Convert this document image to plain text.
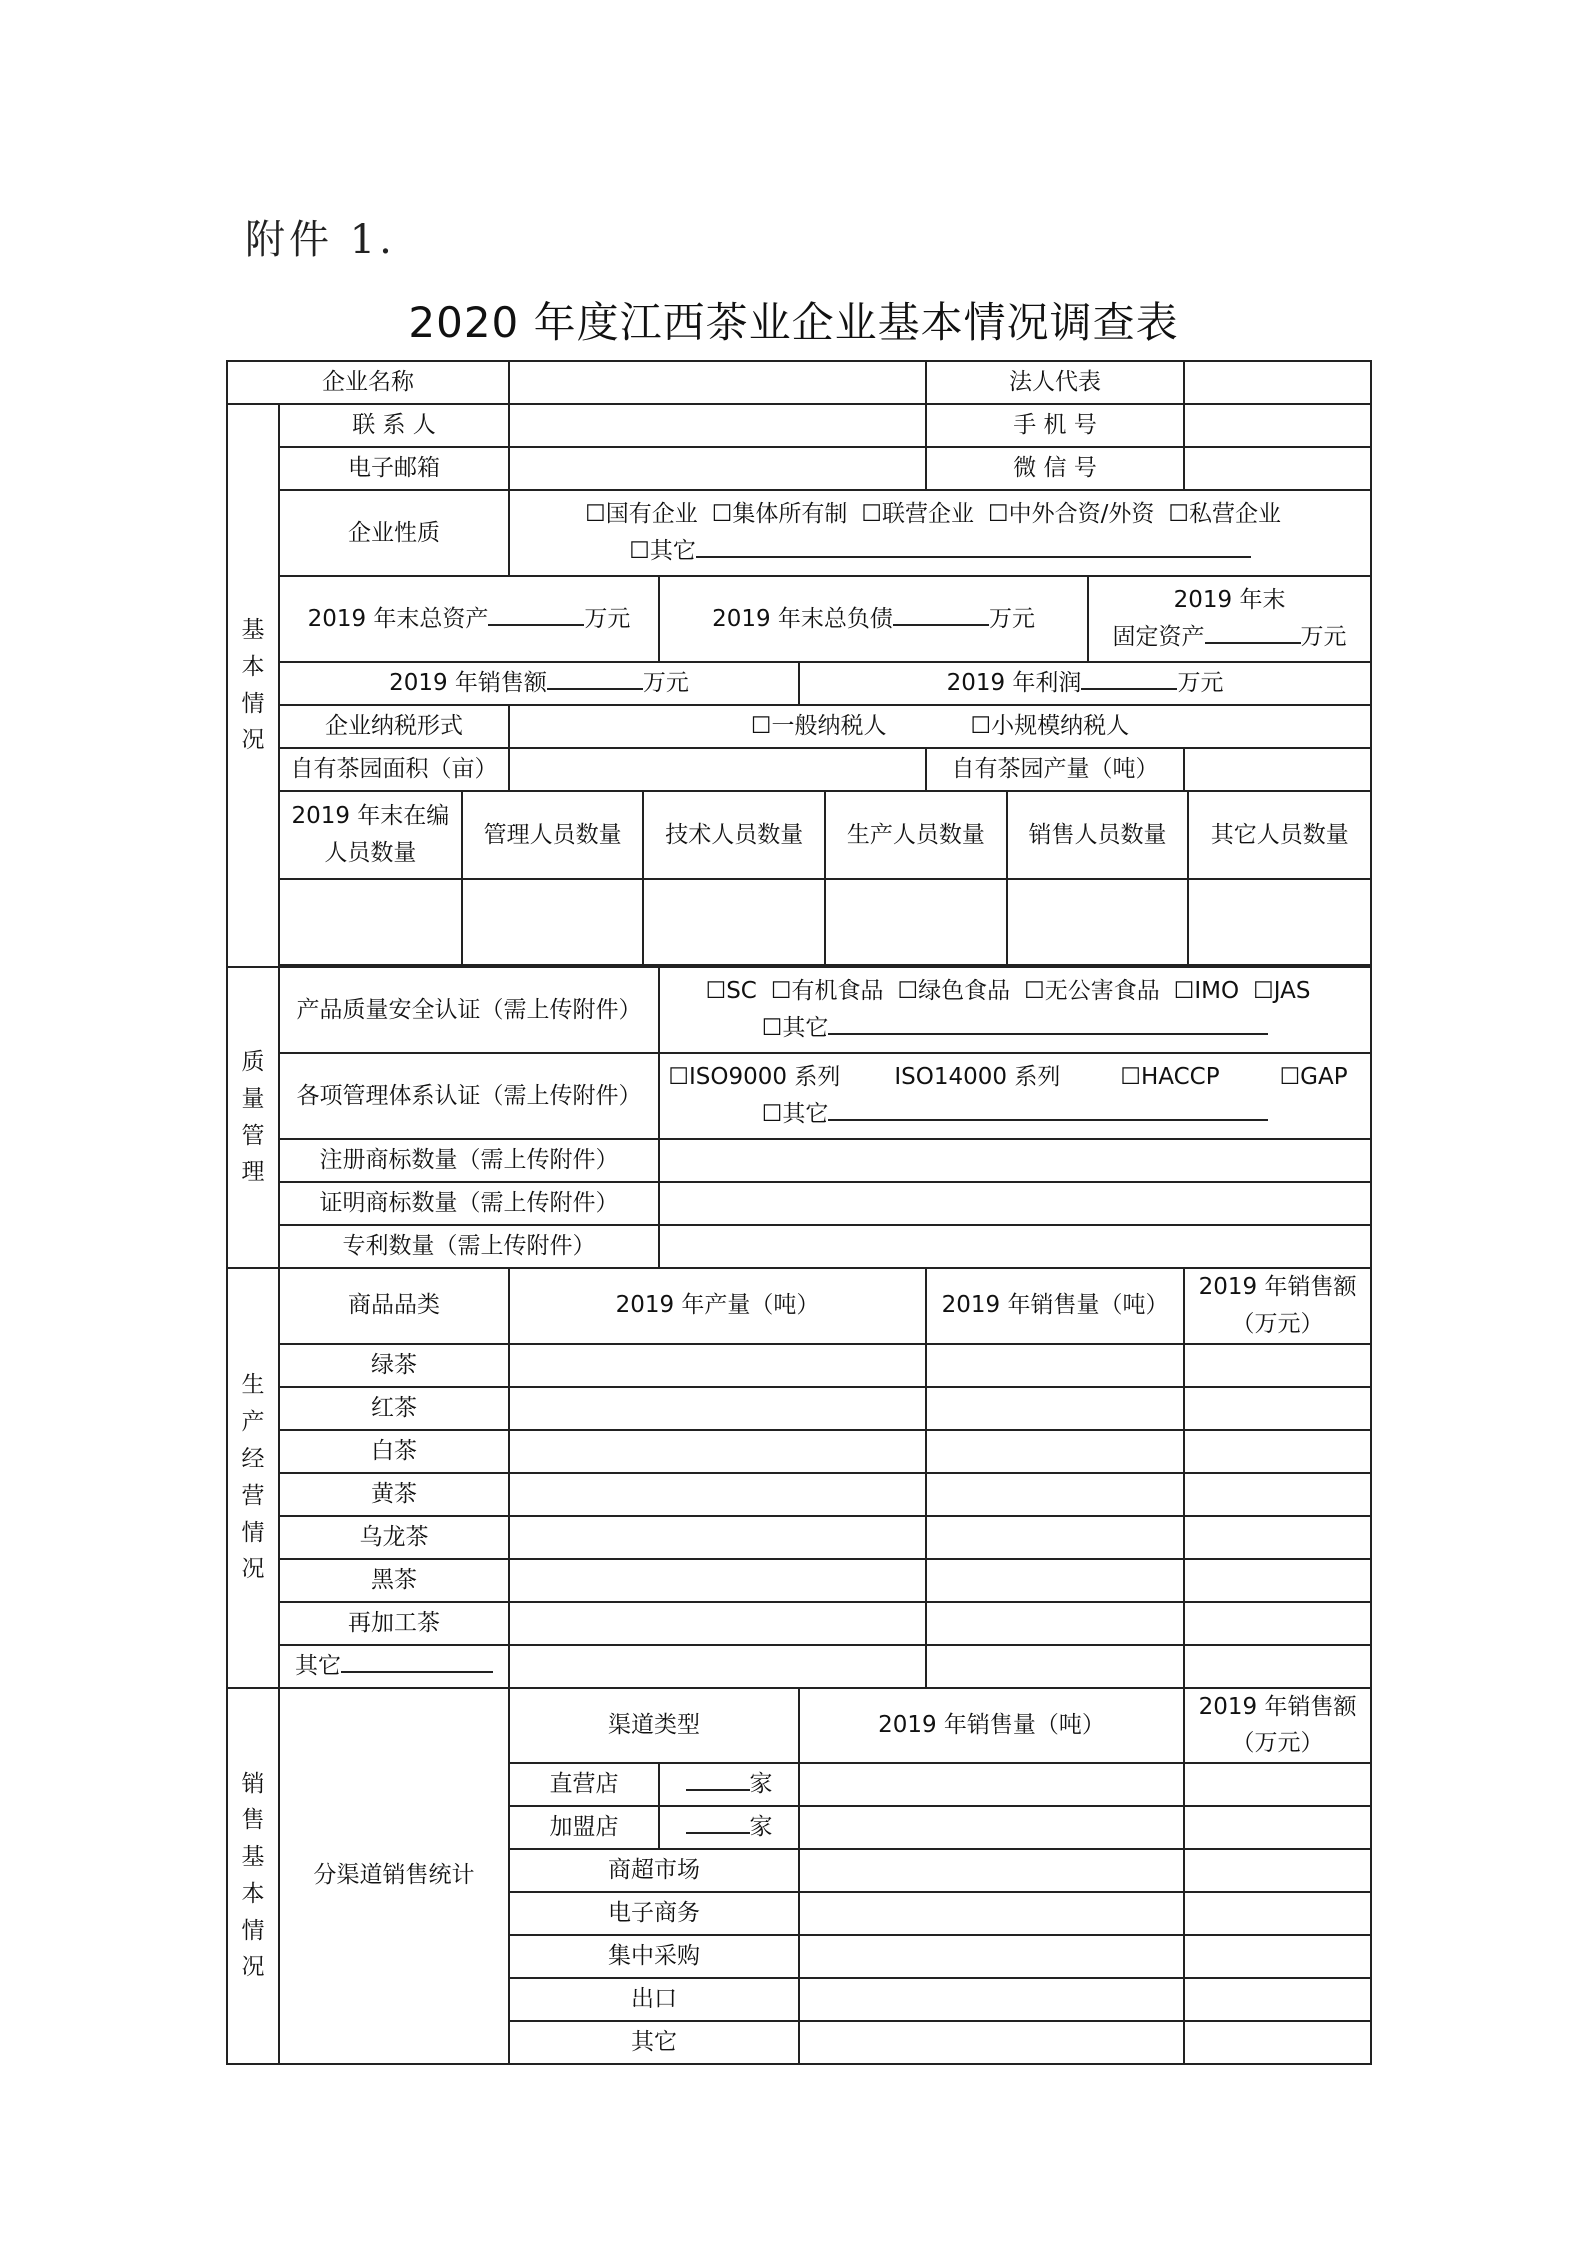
附件 1.
2020 年度江西茶业企业基本情况调查表
企业名称		法人代表	
基
本
情
况	联 系 人		手 机 号	
电子邮箱		微 信 号	
企业性质	
☐国有企业 ☐集体所有制 ☐联营企业 ☐中外合资/外资 ☐私营企业
☐其它

2019 年末总资产	万元	2019 年末总负债	万元	
2019 年末
固定资产	万元

2019 年销售额	万元	2019 年利润	万元
企业纳税形式	☐一般纳税人	☐小规模纳税人
自有茶园面积（亩）		自有茶园产量（吨）	

2019 年末在编
人员数量
	管理人员数量	技术人员数量	生产人员数量	销售人员数量	其它人员数量

质
量
管
理	产品质量安全认证（需上传附件）	
☐SC ☐有机食品 ☐绿色食品 ☐无公害食品 ☐IMO ☐JAS
☐其它

各项管理体系认证（需上传附件）	
☐ISO9000 系列 ISO14000 系列	☐HACCP	☐GAP
☐其它

注册商标数量（需上传附件）	
证明商标数量（需上传附件）	
专利数量（需上传附件）	
生
产
经
营
情
况	商品品类	2019 年产量（吨）	2019 年销售量（吨）	2019 年销售额（万元）
绿茶			
红茶			
白茶			
黄茶			
乌龙茶			
黑茶			
再加工茶			
其它			
销
售
基
本
情
况	分渠道销售统计	渠道类型	2019 年销售量（吨）	2019 年销售额（万元）
直营店	家		
加盟店	家		
商超市场		
电子商务		
集中采购		
出口		
其它		
